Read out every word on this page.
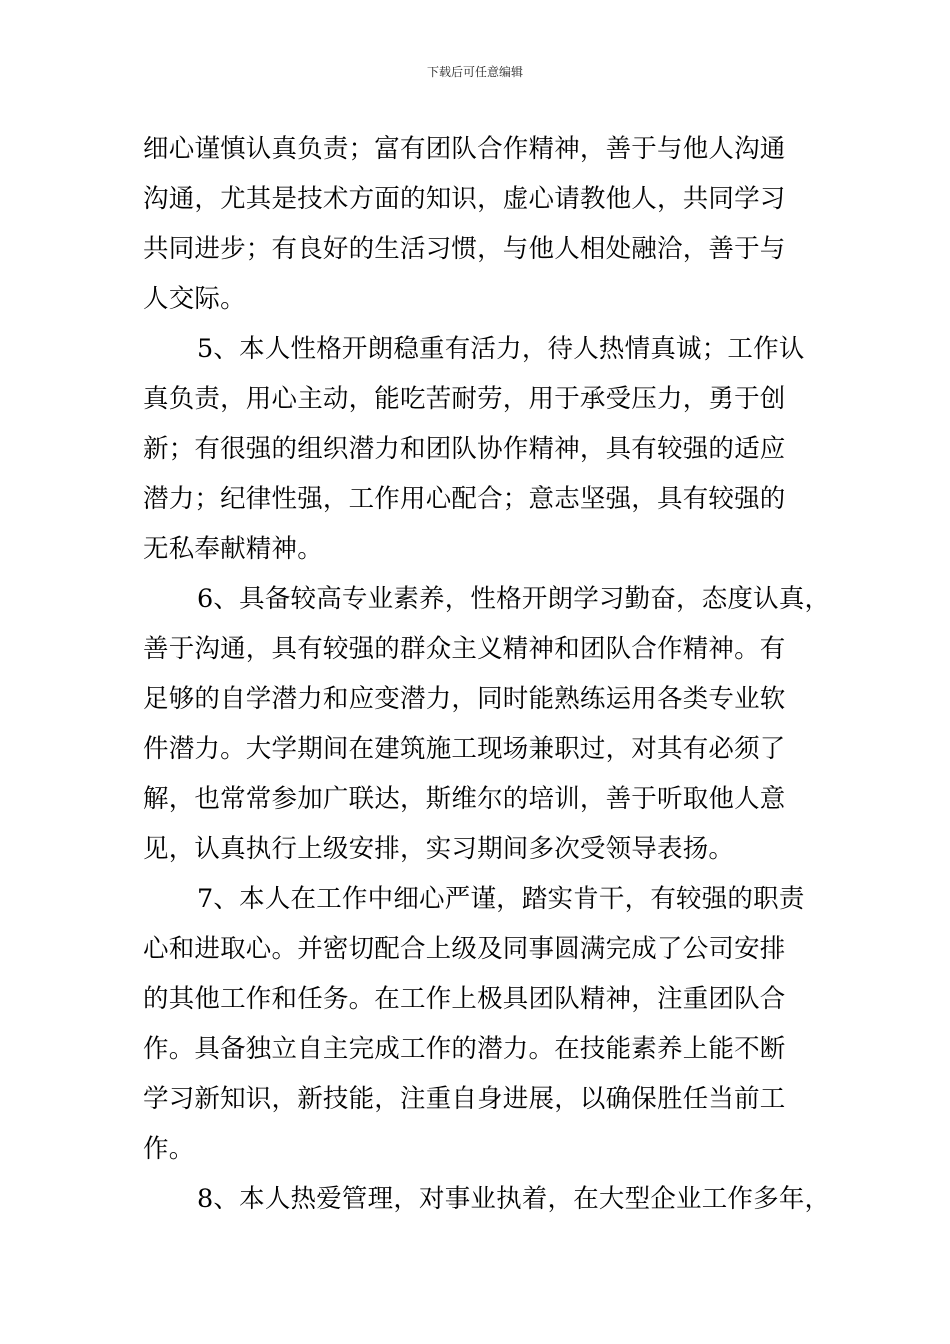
下载后可任意编辑
细心谨慎认真负责；富有团队合作精神，善于与他人沟通
沟通，尤其是技术方面的知识，虚心请教他人，共同学习
共同进步；有良好的生活习惯，与他人相处融洽，善于与
人交际。
5、本人性格开朗稳重有活力，待人热情真诚；工作认
真负责，用心主动，能吃苦耐劳，用于承受压力，勇于创
新；有很强的组织潜力和团队协作精神，具有较强的适应
潜力；纪律性强，工作用心配合；意志坚强，具有较强的
无私奉献精神。
6、具备较高专业素养，性格开朗学习勤奋，态度认真，
善于沟通，具有较强的群众主义精神和团队合作精神。有
足够的自学潜力和应变潜力，同时能熟练运用各类专业软
件潜力。大学期间在建筑施工现场兼职过，对其有必须了
解，也常常参加广联达，斯维尔的培训，善于听取他人意
见，认真执行上级安排，实习期间多次受领导表扬。
7、本人在工作中细心严谨，踏实肯干，有较强的职责
心和进取心。并密切配合上级及同事圆满完成了公司安排
的其他工作和任务。在工作上极具团队精神，注重团队合
作。具备独立自主完成工作的潜力。在技能素养上能不断
学习新知识，新技能，注重自身进展，以确保胜任当前工
作。
8、本人热爱管理，对事业执着，在大型企业工作多年，
